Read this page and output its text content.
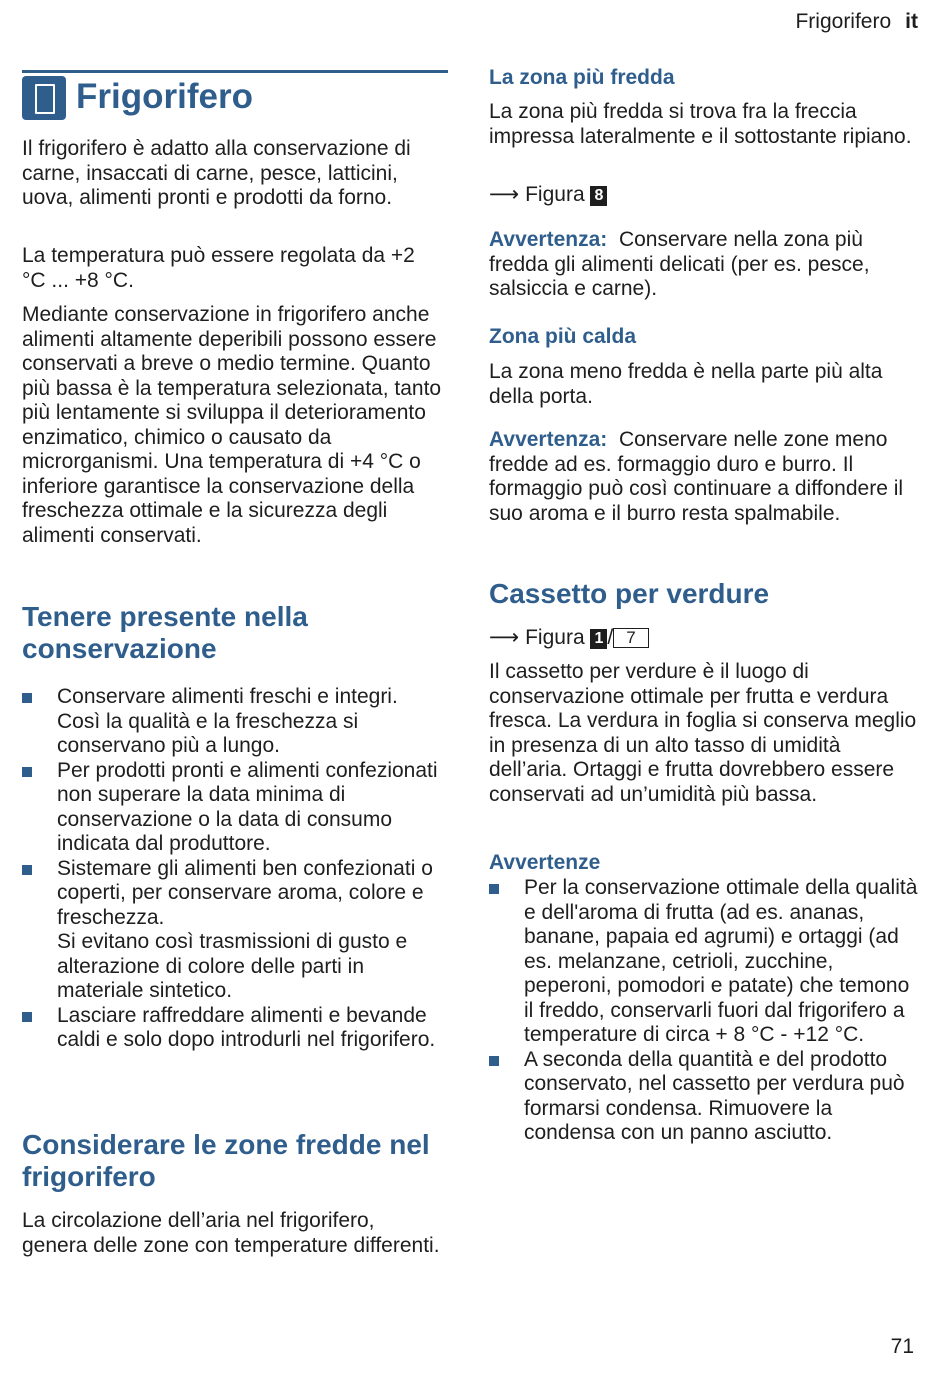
Frigorifero it
Frigorifero

Il frigorifero è adatto alla conservazione di carne, insaccati di carne, pesce, latticini, uova, alimenti pronti e prodotti da forno.

La temperatura può essere regolata da +2 °C ... +8 °C.

Mediante conservazione in frigorifero anche alimenti altamente deperibili possono essere conservati a breve o medio termine. Quanto più bassa è la temperatura selezionata, tanto più lentamente si sviluppa il deterioramento enzimatico, chimico o causato da microrganismi. Una temperatura di +4 °C o inferiore garantisce la conservazione della freschezza ottimale e la sicurezza degli alimenti conservati.

Tenere presente nella conservazione
Conservare alimenti freschi e integri. Così la qualità e la freschezza si conservano più a lungo.
Per prodotti pronti e alimenti confezionati non superare la data minima di conservazione o la data di consumo indicata dal produttore.
Sistemare gli alimenti ben confezionati o coperti, per conservare aroma, colore e freschezza.
Si evitano così trasmissioni di gusto e alterazione di colore delle parti in materiale sintetico.
Lasciare raffreddare alimenti e bevande caldi e solo dopo introdurli nel frigorifero.
Considerare le zone fredde nel frigorifero

La circolazione dell’aria nel frigorifero, genera delle zone con temperature differenti.

La zona più fredda

La zona più fredda si trova fra la freccia impressa lateralmente e il sottostante ripiano.

⟶ Figura 8

Avvertenza: Conservare nella zona più fredda gli alimenti delicati (per es. pesce, salsiccia e carne).

Zona più calda

La zona meno fredda è nella parte più alta della porta.

Avvertenza: Conservare nelle zone meno fredde ad es. formaggio duro e burro. Il formaggio può così continuare a diffondere il suo aroma e il burro resta spalmabile.

Cassetto per verdure
⟶ Figura 1 / 7

Il cassetto per verdure è il luogo di conservazione ottimale per frutta e verdura fresca. La verdura in foglia si conserva meglio in presenza di un alto tasso di umidità dell’aria. Ortaggi e frutta dovrebbero essere conservati ad un’umidità più bassa.

Avvertenze
Per la conservazione ottimale della qualità e dell'aroma di frutta (ad es. ananas, banane, papaia ed agrumi) e ortaggi (ad es. melanzane, cetrioli, zucchine, peperoni, pomodori e patate) che temono il freddo, conservarli fuori dal frigorifero a temperature di circa + 8 °C - +12 °C.
A seconda della quantità e del prodotto conservato, nel cassetto per verdura può formarsi condensa. Rimuovere la condensa con un panno asciutto.
71
